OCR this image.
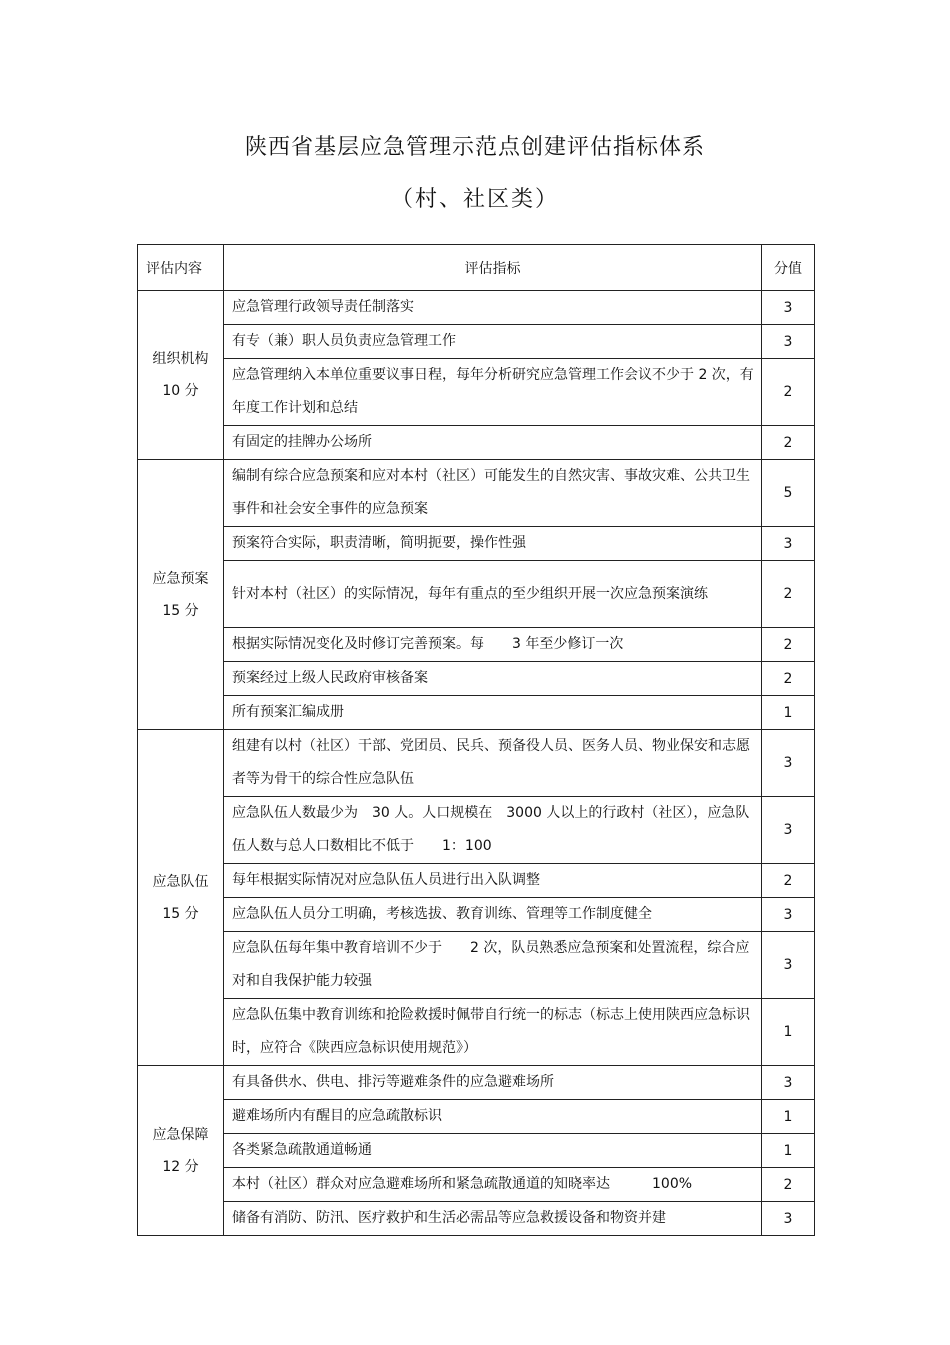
陕西省基层应急管理示范点创建评估指标体系
（村、社区类）
评估内容	评估指标	分值

组织机构
10 分	应急管理行政领导责任制落实	3
	有专（兼）职人员负责应急管理工作	3
	应急管理纳入本单位重要议事日程，每年分析研究应急管理工作会议不少于 2 次，有年度工作计划和总结	2
	有固定的挂牌办公场所	2

应急预案
15 分	编制有综合应急预案和应对本村（社区）可能发生的自然灾害、事故灾难、公共卫生事件和社会安全事件的应急预案	5
	预案符合实际，职责清晰，简明扼要，操作性强	3
	针对本村（社区）的实际情况，每年有重点的至少组织开展一次应急预案演练	2
	根据实际情况变化及时修订完善预案。每　　3 年至少修订一次	2
	预案经过上级人民政府审核备案	2
	所有预案汇编成册	1

应急队伍
15 分	组建有以村（社区）干部、党团员、民兵、预备役人员、医务人员、物业保安和志愿者等为骨干的综合性应急队伍	3
	应急队伍人数最少为　30 人。人口规模在　3000 人以上的行政村（社区），应急队伍人数与总人口数相比不低于　　1：100	3
	每年根据实际情况对应急队伍人员进行出入队调整	2
	应急队伍人员分工明确，考核选拔、教育训练、管理等工作制度健全	3
	应急队伍每年集中教育培训不少于　　2 次，队员熟悉应急预案和处置流程，综合应对和自我保护能力较强	3
	应急队伍集中教育训练和抢险救援时佩带自行统一的标志（标志上使用陕西应急标识时，应符合《陕西应急标识使用规范》）	1

应急保障
12 分	有具备供水、供电、排污等避难条件的应急避难场所	3
	避难场所内有醒目的应急疏散标识	1
	各类紧急疏散通道畅通	1
	本村（社区）群众对应急避难场所和紧急疏散通道的知晓率达　　　100%	2
	储备有消防、防汛、医疗救护和生活必需品等应急救援设备和物资并建	3
